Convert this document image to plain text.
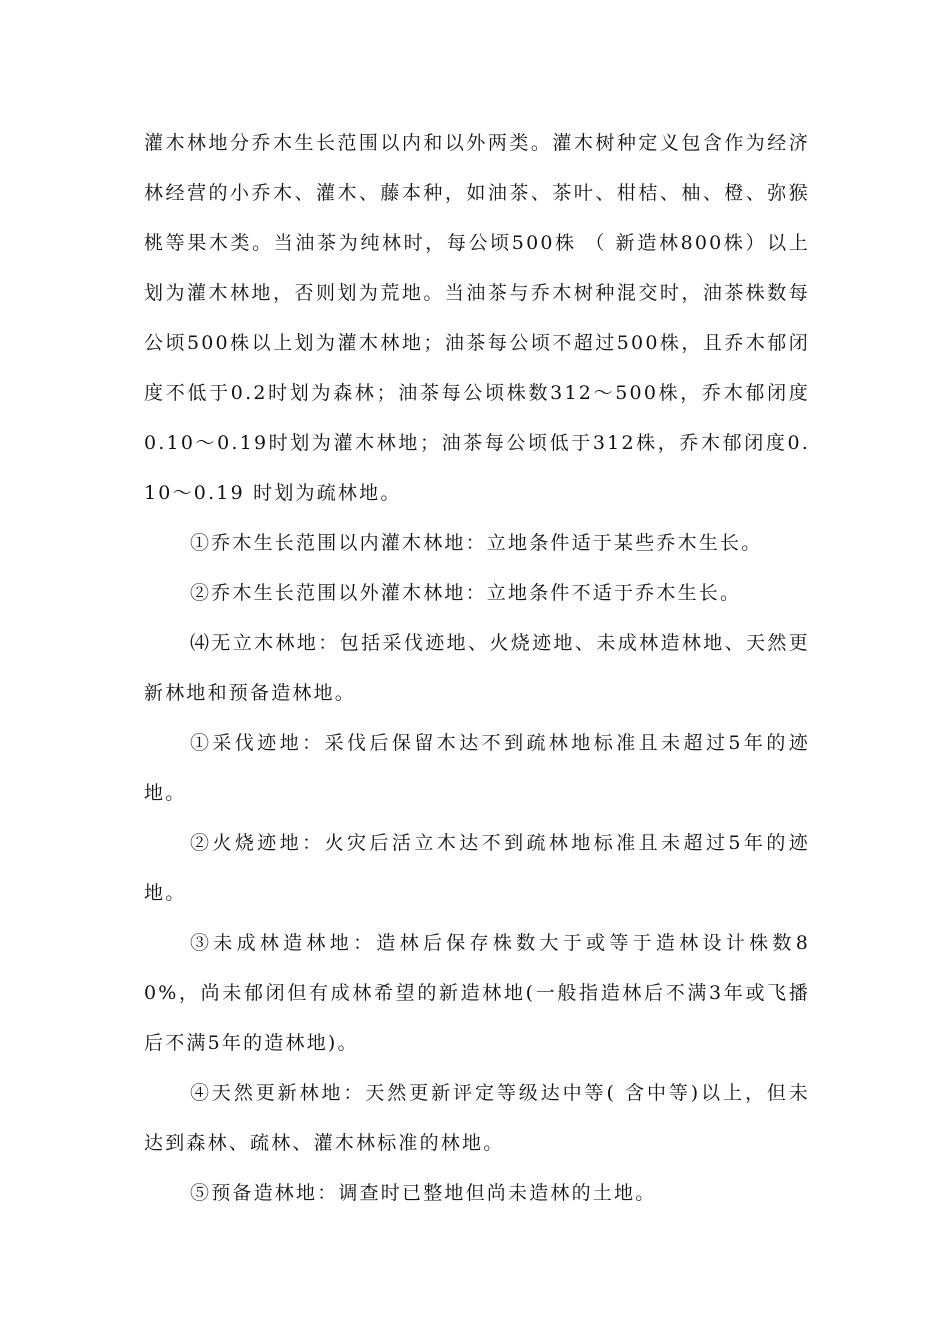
灌木林地分乔木生长范围以内和以外两类。灌木树种定义包含作为经济林经营的小乔木、灌木、藤本种，如油茶、茶叶、柑桔、柚、橙、弥猴桃等果木类。当油茶为纯林时，每公顷500株 （ 新造林800株）以上划为灌木林地，否则划为荒地。当油茶与乔木树种混交时，油茶株数每公顷500株以上划为灌木林地；油茶每公顷不超过500株，且乔木郁闭度不低于0.2时划为森林；油茶每公顷株数312～500株，乔木郁闭度0.10～0.19时划为灌木林地；油茶每公顷低于312株，乔木郁闭度0.10～0.19 时划为疏林地。

①乔木生长范围以内灌木林地：立地条件适于某些乔木生长。

②乔木生长范围以外灌木林地：立地条件不适于乔木生长。

⑷无立木林地：包括采伐迹地、火烧迹地、未成林造林地、天然更新林地和预备造林地。

①采伐迹地：采伐后保留木达不到疏林地标准且未超过5年的迹地。

②火烧迹地：火灾后活立木达不到疏林地标准且未超过5年的迹地。

③未成林造林地：造林后保存株数大于或等于造林设计株数80%，尚未郁闭但有成林希望的新造林地(一般指造林后不满3年或飞播后不满5年的造林地)。

④天然更新林地：天然更新评定等级达中等( 含中等)以上，但未达到森林、疏林、灌木林标准的林地。

⑤预备造林地：调查时已整地但尚未造林的土地。
